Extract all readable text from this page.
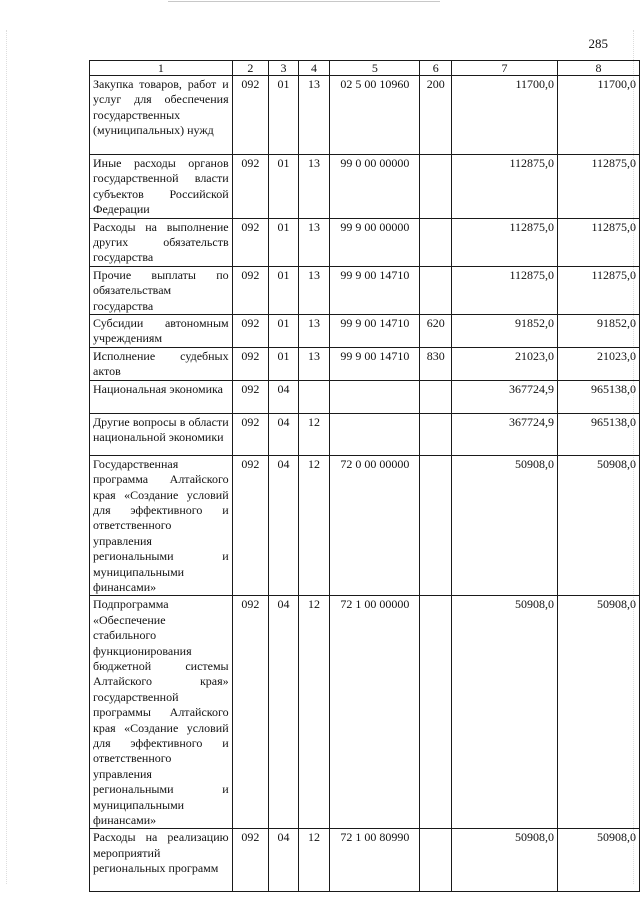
285
1	2	3	4	5	6	7	8
Закупка товаров, работ и услуг для обеспечения государственных (муниципальных) нужд	092	01	13	02 5 00 10960	200	11700,0	11700,0
Иные расходы органов государственной власти субъектов Российской Федерации	092	01	13	99 0 00 00000		112875,0	112875,0
Расходы на выполнение других обязательств государства	092	01	13	99 9 00 00000		112875,0	112875,0
Прочие выплаты по обязательствам государства	092	01	13	99 9 00 14710		112875,0	112875,0
Субсидии автономным учреждениям	092	01	13	99 9 00 14710	620	91852,0	91852,0
Исполнение судебных актов	092	01	13	99 9 00 14710	830	21023,0	21023,0
Национальная экономика	092	04				367724,9	965138,0
Другие вопросы в области национальной экономики	092	04	12			367724,9	965138,0
Государственная программа Алтайского края «Создание условий для эффективного и ответственного управления региональными и муниципальными финансами»	092	04	12	72 0 00 00000		50908,0	50908,0
Подпрограмма «Обеспечение стабильного функционирования бюджетной системы Алтайского края» государственной программы Алтайского края «Создание условий для эффективного и ответственного управления региональными и муниципальными финансами»	092	04	12	72 1 00 00000		50908,0	50908,0
Расходы на реализацию мероприятий региональных программ	092	04	12	72 1 00 80990		50908,0	50908,0
